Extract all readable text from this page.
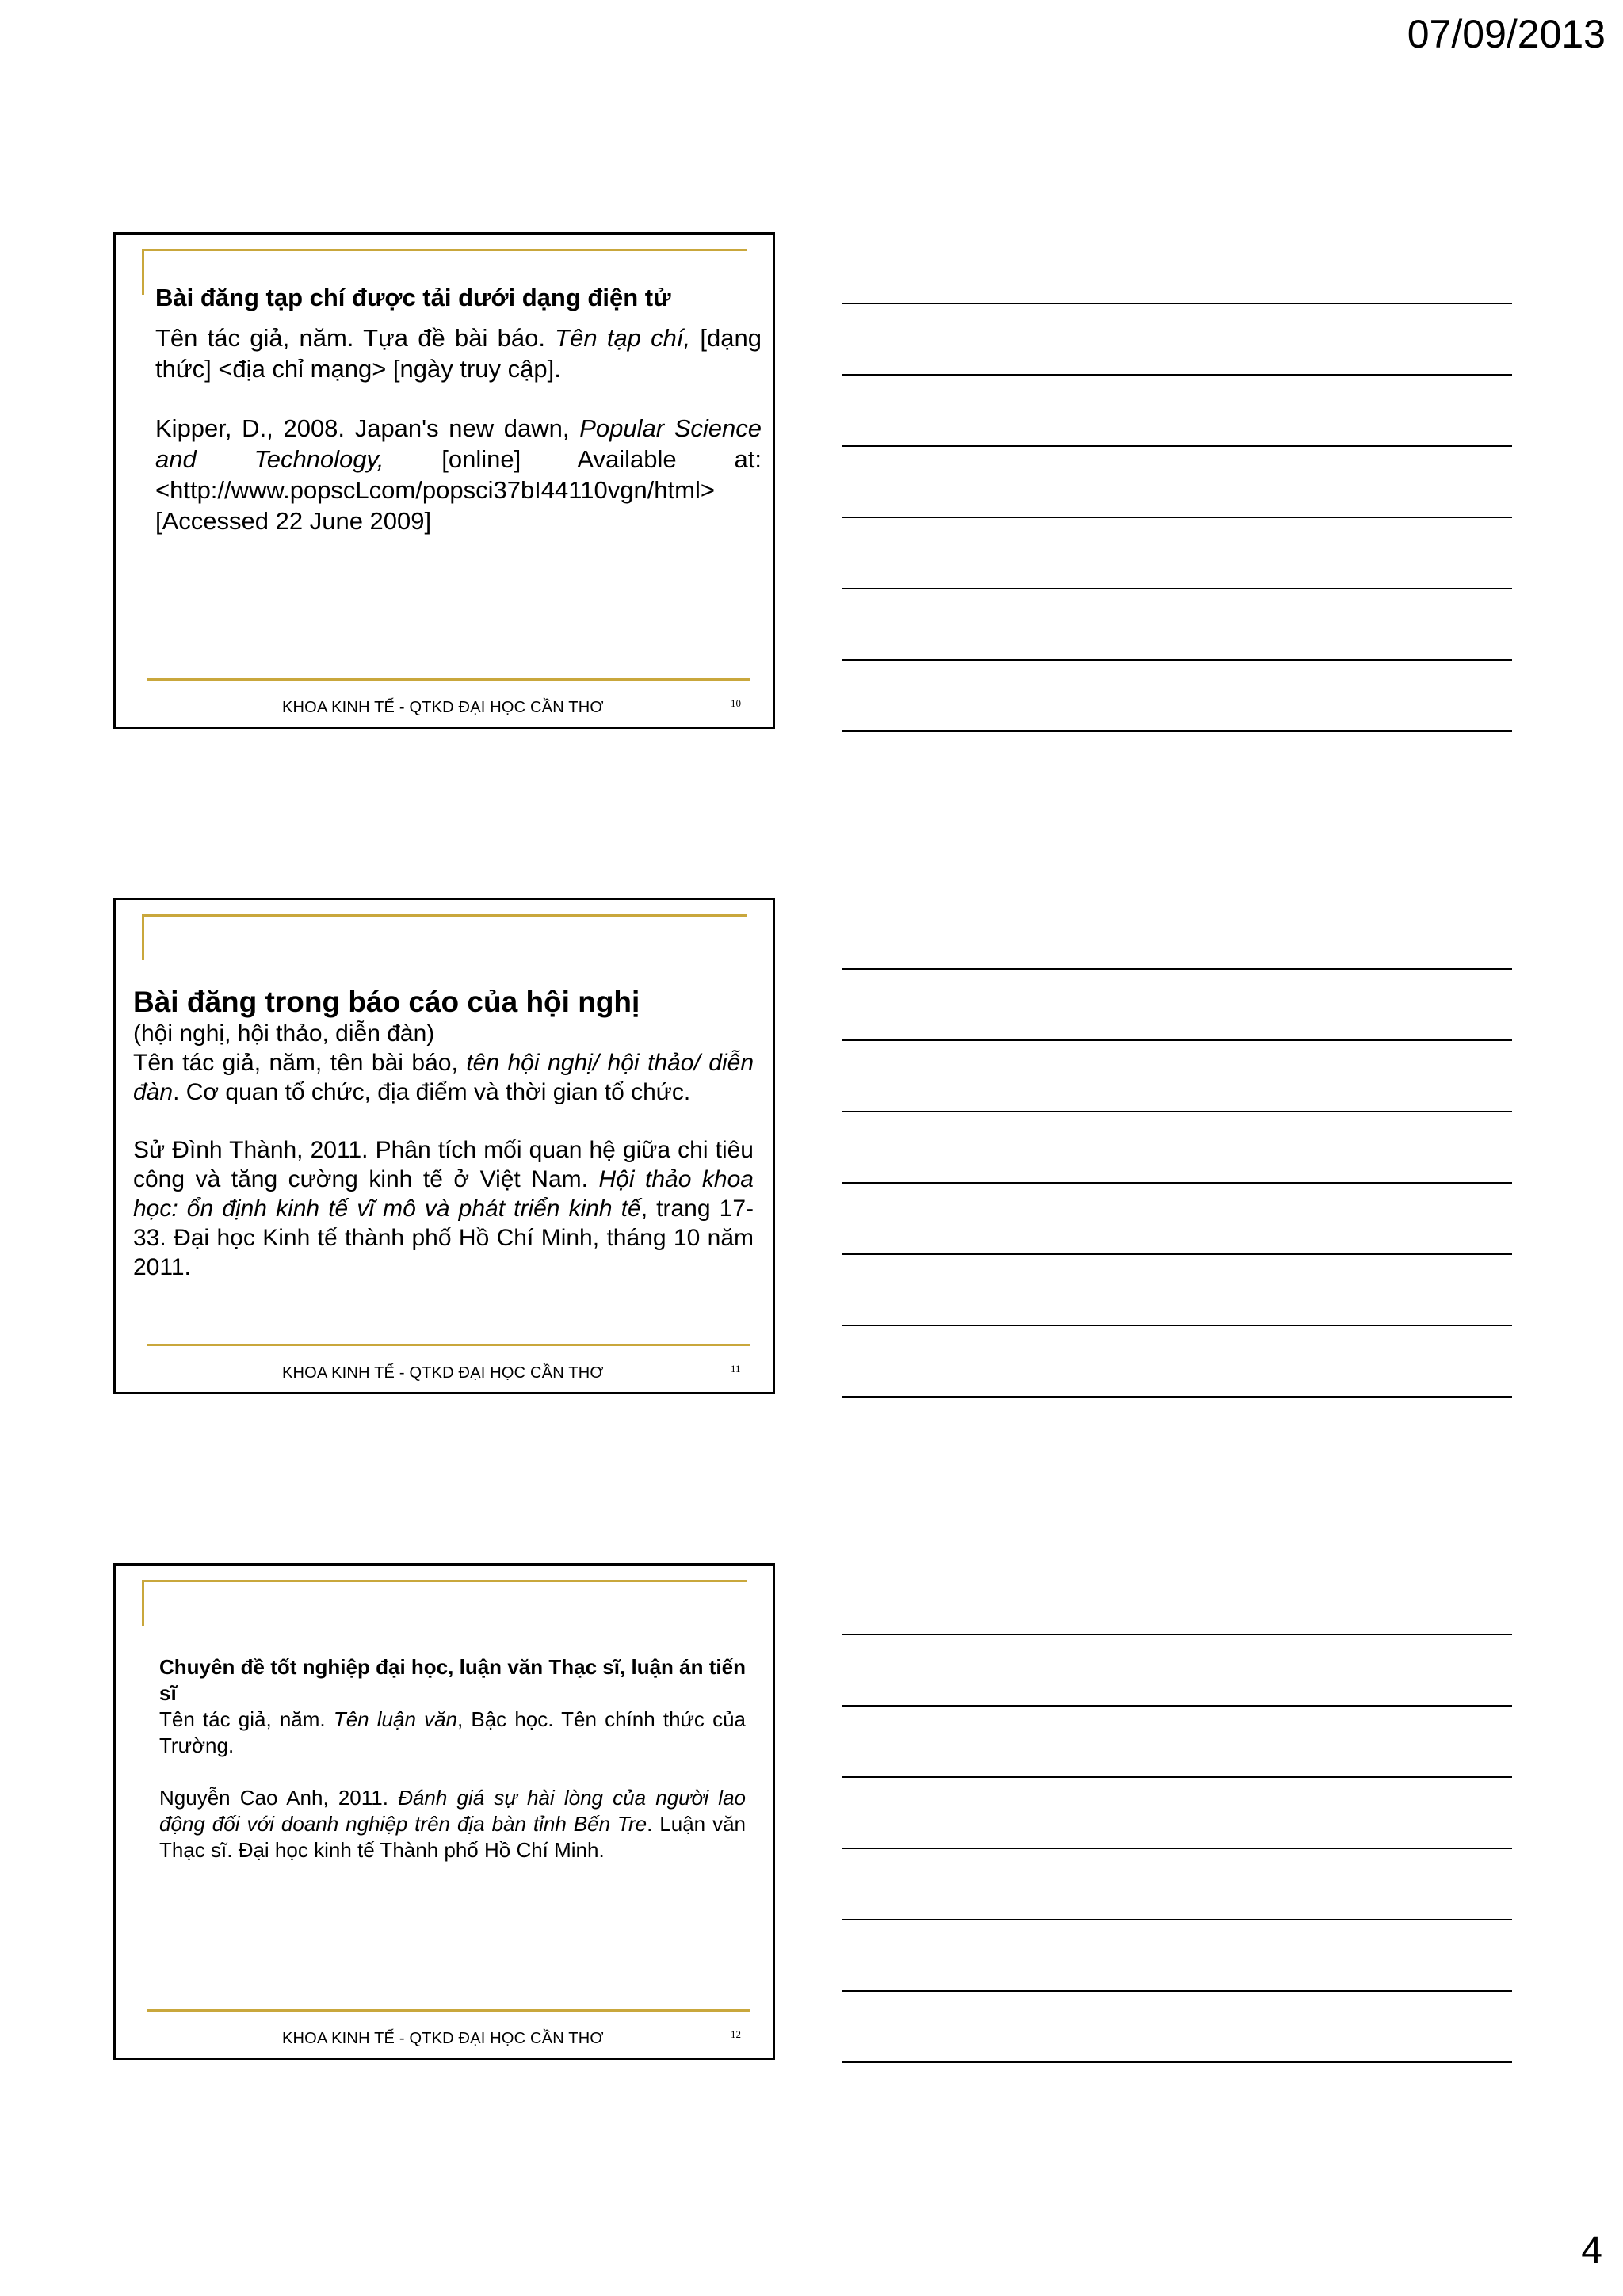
07/09/2013

Bài đăng tạp chí được tải dưới dạng điện tử

Tên tác giả, năm. Tựa đề bài báo. Tên tạp chí, [dạng thức] <địa chỉ mạng> [ngày truy cập].

Kipper, D., 2008. Japan's new dawn, Popular Science and Technology, [online] Available at: <http://www.popscLcom/popsci37bI44110vgn/html> [Accessed 22 June 2009]

KHOA KINH TẾ - QTKD ĐẠI HỌC CẦN THƠ	10

Bài đăng trong báo cáo của hội nghị

(hội nghị, hội thảo, diễn đàn)

Tên tác giả, năm, tên bài báo, tên hội nghị/ hội thảo/ diễn đàn. Cơ quan tổ chức, địa điểm và thời gian tổ chức.

Sử Đình Thành, 2011. Phân tích mối quan hệ giữa chi tiêu công và tăng cường kinh tế ở Việt Nam. Hội thảo khoa học: ổn định kinh tế vĩ mô và phát triển kinh tế, trang 17-33. Đại học Kinh tế thành phố Hồ Chí Minh, tháng 10 năm 2011.

KHOA KINH TẾ - QTKD ĐẠI HỌC CẦN THƠ	11

Chuyên đề tốt nghiệp đại học, luận văn Thạc sĩ, luận án tiến sĩ

Tên tác giả, năm. Tên luận văn, Bậc học. Tên chính thức của Trường.

Nguyễn Cao Anh, 2011. Đánh giá sự hài lòng của người lao động đối với doanh nghiệp trên địa bàn tỉnh Bến Tre. Luận văn Thạc sĩ. Đại học kinh tế Thành phố Hồ Chí Minh.

KHOA KINH TẾ - QTKD ĐẠI HỌC CẦN THƠ	12
4
